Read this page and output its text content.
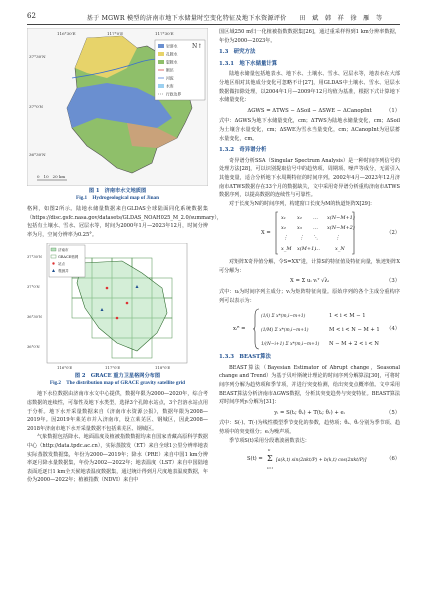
62	基于 MGWR 模型的济南市地下水储量时空变化特征及地下水资源评价　　田　斌　韩　祥　徐　雁　等
116°30′E	117°0′E	117°30′E
37°30′N
37°0′N
36°30′N
岩溶水
孔隙水
裂隙水
断层
河流
水库
行政边界
0　10　20 km
N↑
图 1　济南市水文地质图
Fig.1　Hydrogeological map of Jinan

格网，如图2所示。陆地水储量数据来自GLDAS全球陆面同化系统数据集（https://disc.gsfc.nasa.gov/datasets/GLDAS_NOAH025_M_2.0/summary），包括有土壤水、雪水、冠层水等，时间为2000年1月—2023年12月，时间分辨率为月，空间分辨率为0.25°。

116°0′E	117°0′E	118°0′E
37°30′N
37°0′N
36°30′N
36°0′N
济南市
GRACE格网
站点
观测井
图 2　GRACE 重力卫星格网分布图
Fig.2　The distribution map of GRACE gravity satellite grid

地下水位数据由济南市水文中心提供，数据年限为2000—2020年，综合考虑数据的连续性，可靠性及地下水类型，选择3个孔隙水站点，3个岩溶水站点用于分析。地下水开采量数据来自《济南市水资源公报》，数据年限为2008—2019年。因2019年莱芜市并入济南市，设立莱芜区、钢城区，因此2008—2018年济南市地下水开采量数据不包括莱芜区、钢城区。

气象数据包括降水、地面温度及植被指数数据均来自国家青藏高原科学数据中心（http://data.tpdc.ac.cn），实际蒸散发（ET）来自全球1公里分辨率地表实际蒸散发数据集，年份为2000—2019年；降水（PRE）来自中国1 km分辨率逐月降水量数据集，年份为2002—2022年；地表温度（LST）来自中国陆地表面近逐日1 km全天候地表温度数据集，通过统计得到月尺度地表温度数据，年份为2000—2022年；植被指数（NDVI）来自中

国区域250 m归一化植被指数数据集[26]，通过重采样得到1 km分辨率数据，年份为2000—2023年。

1.3　研究方法
1.3.1　地下水储量计算

陆地水储量包括地表水、地下水、土壤水、雪水、冠层水等，地表水在大部分地区相对其他成分变化可忽略不计[27]，用GLDAS中土壤水、雪水、冠层水数据做扣除处理，以2004年1月—2009年12月均值为基准，根据下式计算地下水储量变化：

ΔGWS = ΔTWS − ΔSoil − ΔSWE − ΔCanopInt	（1）

式中：ΔGWS为地下水储量变化，cm；ΔTWS为陆地水储量变化，cm；ΔSoil为土壤含水量变化，cm；ΔSWE为雪水当量变化，cm；ΔCanopInt为冠层蓄水量变化，cm。

1.3.2　奇异谱分析

奇异谱分析SSA（Singular Spectrum Analysis）是一种时间序列信号的处理方法[28]，可以识别提取信号中的趋势项、周期项、噪声等成分，无需引入其他变量，适合分析地下水周期特征的时间序列。2002年4月—2023年12月济南市ΔTWS数据存在33个月的数据缺失，文中采用奇异谱分析重构济南市ΔTWS数据序列，以提高数据的连续性与可靠性。

对于长度为N的时间序列，构建窗口长度为M的轨道矩阵X[29]：

X =
x₁ x₂ … x(N−M+1)
x₂ x₃ … x(N−M+2)
⋮ ⋮ ⋱	⋮
x_M x(M+1)
…	x_N
（2）

对矩阵X奇异值分解，令S=XXᵀ进，计算S的特征值及特征向量，轨迹矩阵X可分解为：

X = Σ uᵢ vᵢᵀ √λᵢ	（3）

式中：uᵢ为时间序列主成分；vᵢ为矩阵特征向量。原始序列的各个主成分重构序列可以表示为：

xᵢᴿ =
(1/i) Σ x*(m,i−m+1)
(1/M) Σ x*(m,i−m+1)
1/(N−i+1) Σ x*(m,i−m+1)
1 < i < M − 1
M < i < N − M + 1
N − M + 2 < i < N
（4）
1.3.3　BEAST算法

BEAST算法（Bayesian Estimator of Abrupt change，Seasonal change and Trend）为基于贝叶斯统计理论的时间序列分解算法[30]，可将时间序列分解为趋势项和季节项，并进行突变检测，给出突变点概率值。文中采用BEAST算法分析济南市ΔGWS数据，分析其突变趋势与突变特征。BEAST算法对时间序列yᵢ分解为[31]：

yᵢ = S(tᵢ; θₛ) + T(tᵢ; θᵣ) + eᵢ	（5）

式中：S(·)、T(·)为线性模型季节变化的参数，趋势项；θₛ、θᵣ分别为季节项、趋势项中的突变组分；eᵢ为噪声项。

季节项S(t)采用分段谐波函数表达：

S(t) = Σ
K
k=1
[a(k,t) sin(2πkt/P) + b(k,t) cos(2πkt/P)]	（6）
